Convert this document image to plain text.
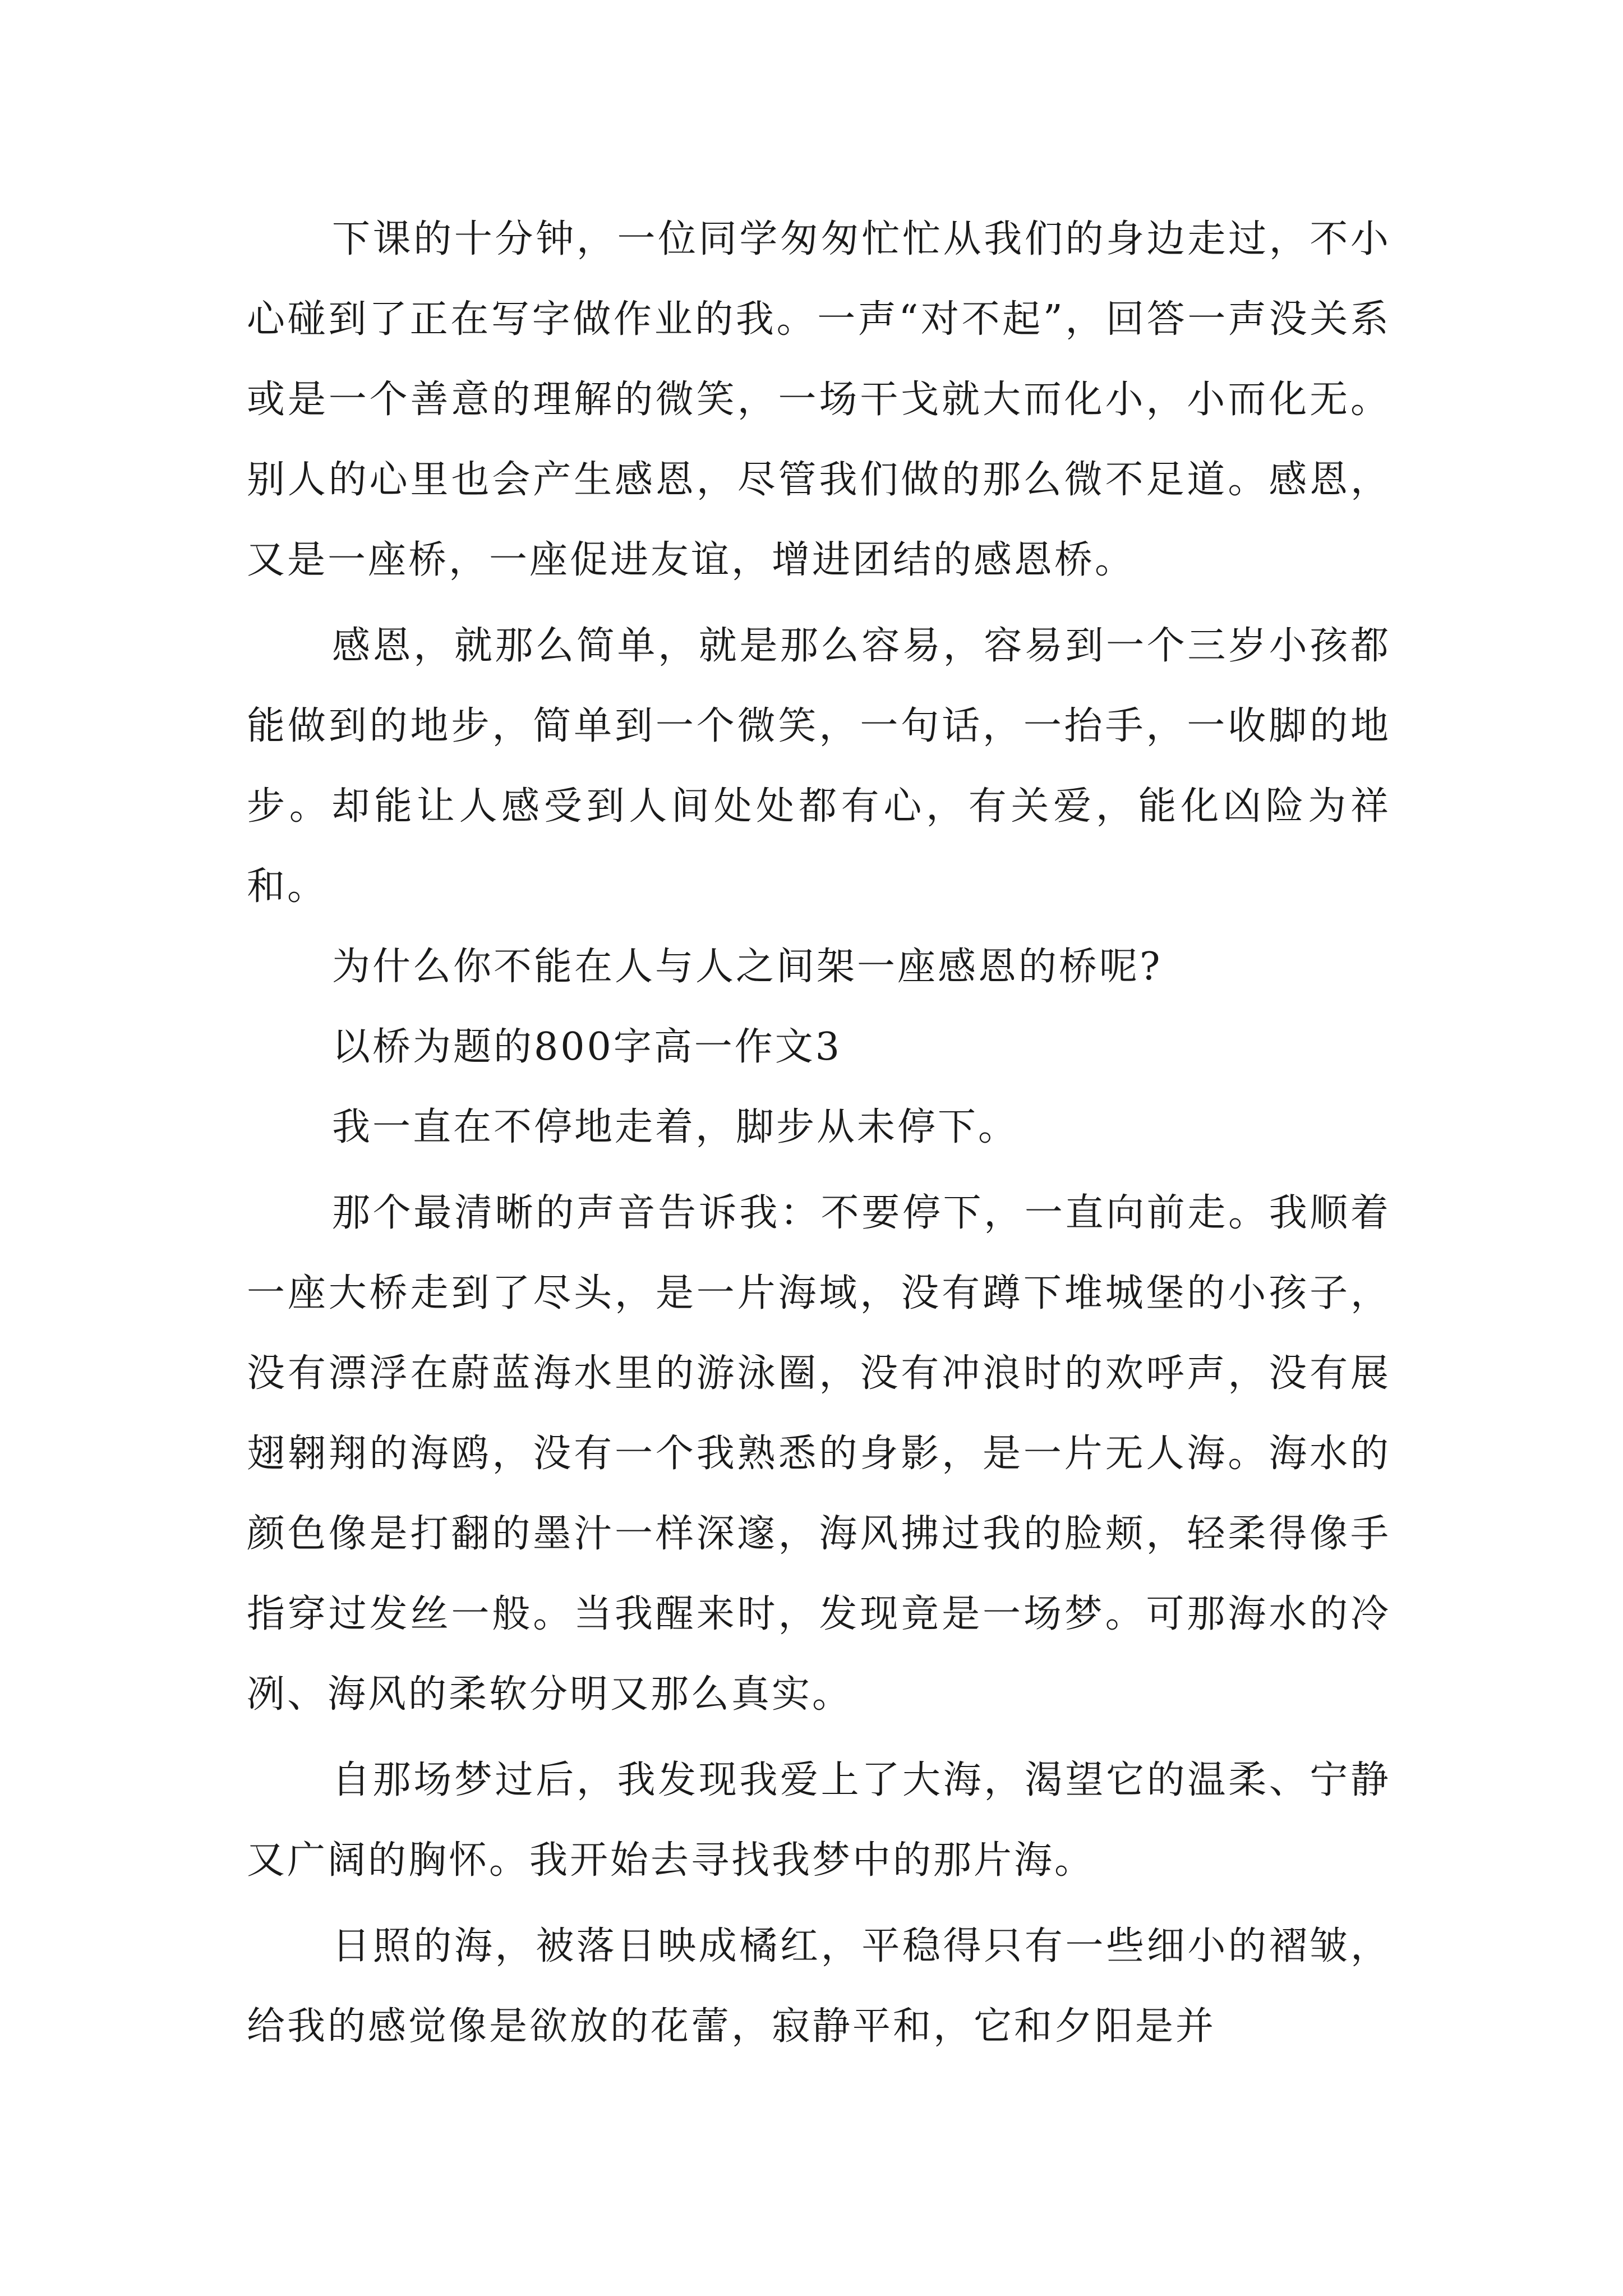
下课的十分钟，一位同学匆匆忙忙从我们的身边走过，不小心碰到了正在写字做作业的我。一声“对不起”，回答一声没关系或是一个善意的理解的微笑，一场干戈就大而化小，小而化无。别人的心里也会产生感恩，尽管我们做的那么微不足道。感恩，又是一座桥，一座促进友谊，增进团结的感恩桥。

感恩，就那么简单，就是那么容易，容易到一个三岁小孩都能做到的地步，简单到一个微笑，一句话，一抬手，一收脚的地步。却能让人感受到人间处处都有心，有关爱，能化凶险为祥和。

为什么你不能在人与人之间架一座感恩的桥呢?

以桥为题的800字高一作文3

我一直在不停地走着，脚步从未停下。

那个最清晰的声音告诉我：不要停下，一直向前走。我顺着一座大桥走到了尽头，是一片海域，没有蹲下堆城堡的小孩子，没有漂浮在蔚蓝海水里的游泳圈，没有冲浪时的欢呼声，没有展翅翱翔的海鸥，没有一个我熟悉的身影，是一片无人海。海水的颜色像是打翻的墨汁一样深邃，海风拂过我的脸颊，轻柔得像手指穿过发丝一般。当我醒来时，发现竟是一场梦。可那海水的冷冽、海风的柔软分明又那么真实。

自那场梦过后，我发现我爱上了大海，渴望它的温柔、宁静又广阔的胸怀。我开始去寻找我梦中的那片海。

日照的海，被落日映成橘红，平稳得只有一些细小的褶皱，给我的感觉像是欲放的花蕾，寂静平和，它和夕阳是并
